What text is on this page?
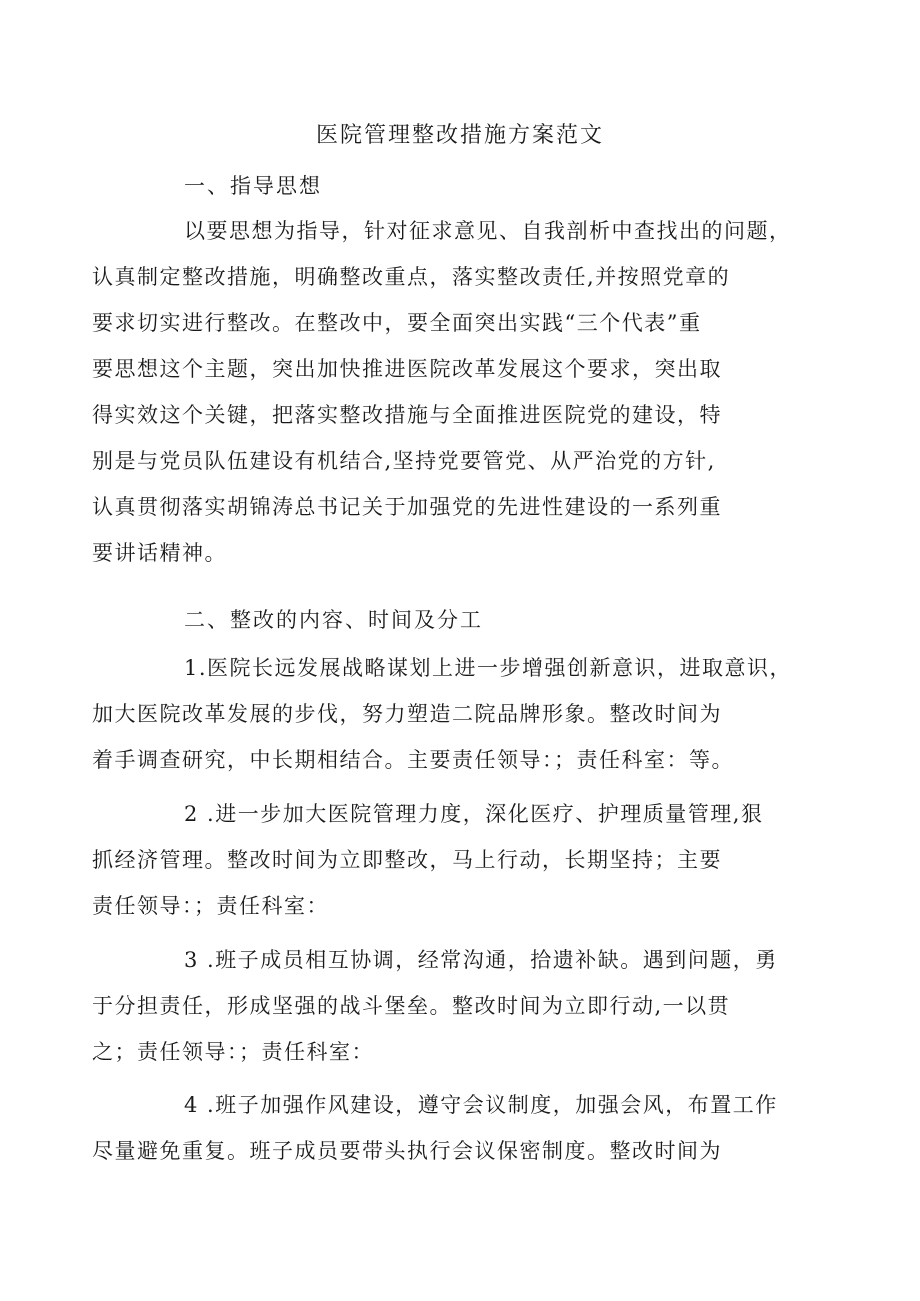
医院管理整改措施方案范文
一、指导思想

以要思想为指导，针对征求意见、自我剖析中查找出的问题，
认真制定整改措施，明确整改重点，落实整改责任,并按照党章的
要求切实进行整改。在整改中，要全面突出实践“三个代表”重
要思想这个主题，突出加快推进医院改革发展这个要求，突出取
得实效这个关键，把落实整改措施与全面推进医院党的建设，特
别是与党员队伍建设有机结合,坚持党要管党、从严治党的方针,
认真贯彻落实胡锦涛总书记关于加强党的先进性建设的一系列重
要讲话精神。

二、整改的内容、时间及分工

1.医院长远发展战略谋划上进一步增强创新意识，进取意识，
加大医院改革发展的步伐，努力塑造二院品牌形象。整改时间为
着手调查研究，中长期相结合。主要责任领导：；责任科室：等。

2 .进一步加大医院管理力度，深化医疗、护理质量管理,狠
抓经济管理。整改时间为立即整改，马上行动，长期坚持；主要
责任领导：；责任科室：

3 .班子成员相互协调，经常沟通，拾遗补缺。遇到问题，勇
于分担责任，形成坚强的战斗堡垒。整改时间为立即行动,一以贯
之；责任领导：；责任科室：

4 .班子加强作风建设，遵守会议制度，加强会风，布置工作
尽量避免重复。班子成员要带头执行会议保密制度。整改时间为
